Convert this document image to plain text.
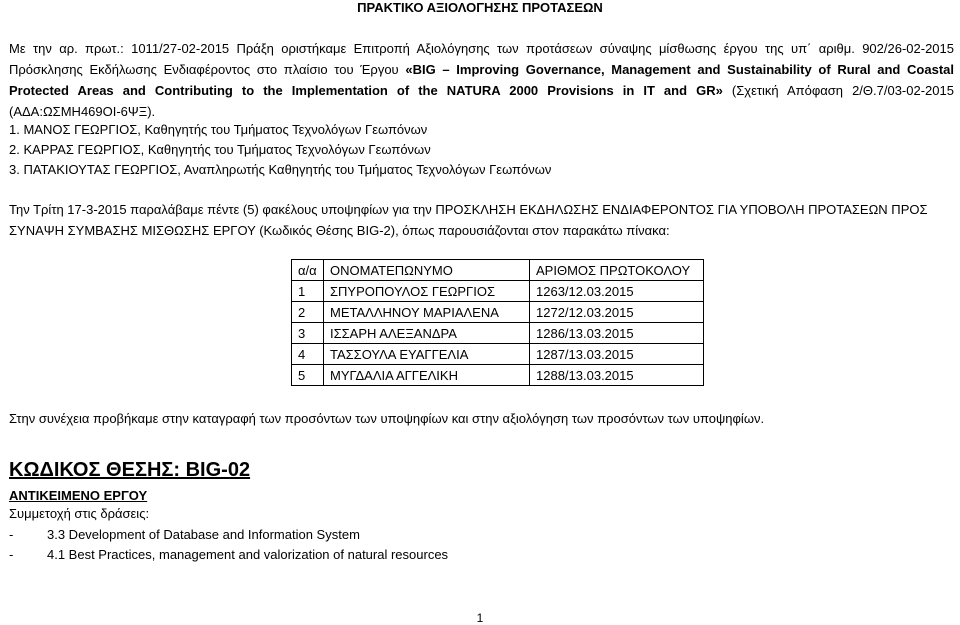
ΠΡΑΚΤΙΚΟ ΑΞΙΟΛΟΓΗΣΗΣ ΠΡΟΤΑΣΕΩΝ
Με την αρ. πρωτ.: 1011/27-02-2015 Πράξη οριστήκαμε Επιτροπή Αξιολόγησης των προτάσεων σύναψης μίσθωσης έργου της υπ΄ αριθμ. 902/26-02-2015 Πρόσκλησης Εκδήλωσης Ενδιαφέροντος στο πλαίσιο του Έργου «BIG – Improving Governance, Management and Sustainability of Rural and Coastal Protected Areas and Contributing to the Implementation of the NATURA 2000 Provisions in IT and GR» (Σχετική Απόφαση 2/Θ.7/03-02-2015 (ΑΔΑ:ΩΣΜΗ469ΟΙ-6ΨΞ).
1. ΜΑΝΟΣ ΓΕΩΡΓΙΟΣ, Καθηγητής του Τμήματος Τεχνολόγων Γεωπόνων
2. ΚΑΡΡΑΣ ΓΕΩΡΓΙΟΣ, Καθηγητής του Τμήματος Τεχνολόγων Γεωπόνων
3. ΠΑΤΑΚΙΟΥΤΑΣ ΓΕΩΡΓΙΟΣ, Αναπληρωτής Καθηγητής του Τμήματος Τεχνολόγων Γεωπόνων
Την Τρίτη 17-3-2015 παραλάβαμε πέντε (5) φακέλους υποψηφίων για την ΠΡΟΣΚΛΗΣΗ ΕΚΔΗΛΩΣΗΣ ΕΝΔΙΑΦΕΡΟΝΤΟΣ ΓΙΑ ΥΠΟΒΟΛΗ ΠΡΟΤΑΣΕΩΝ ΠΡΟΣ ΣΥΝΑΨΗ ΣΥΜΒΑΣΗΣ ΜΙΣΘΩΣΗΣ ΕΡΓΟΥ (Κωδικός Θέσης BIG-2), όπως παρουσιάζονται στον παρακάτω πίνακα:
α/α	ΟΝΟΜΑΤΕΠΩΝΥΜΟ	ΑΡΙΘΜΟΣ ΠΡΩΤΟΚΟΛΟΥ
1	ΣΠΥΡΟΠΟΥΛΟΣ ΓΕΩΡΓΙΟΣ	1263/12.03.2015
2	ΜΕΤΑΛΛΗΝΟΥ ΜΑΡΙΑΛΕΝΑ	1272/12.03.2015
3	ΙΣΣΑΡΗ ΑΛΕΞΑΝΔΡΑ	1286/13.03.2015
4	ΤΑΣΣΟΥΛΑ ΕΥΑΓΓΕΛΙΑ	1287/13.03.2015
5	ΜΥΓΔΑΛΙΑ ΑΓΓΕΛΙΚΗ	1288/13.03.2015
Στην συνέχεια προβήκαμε στην καταγραφή των προσόντων των υποψηφίων και στην αξιολόγηση των προσόντων των υποψηφίων.
ΚΩΔΙΚΟΣ ΘΕΣΗΣ: BIG-02
ΑΝΤΙΚΕΙΜΕΝΟ ΕΡΓΟΥ
Συμμετοχή στις δράσεις:
-	3.3 Development of Database and Information System
-	4.1 Best Practices, management and valorization of natural resources
1
